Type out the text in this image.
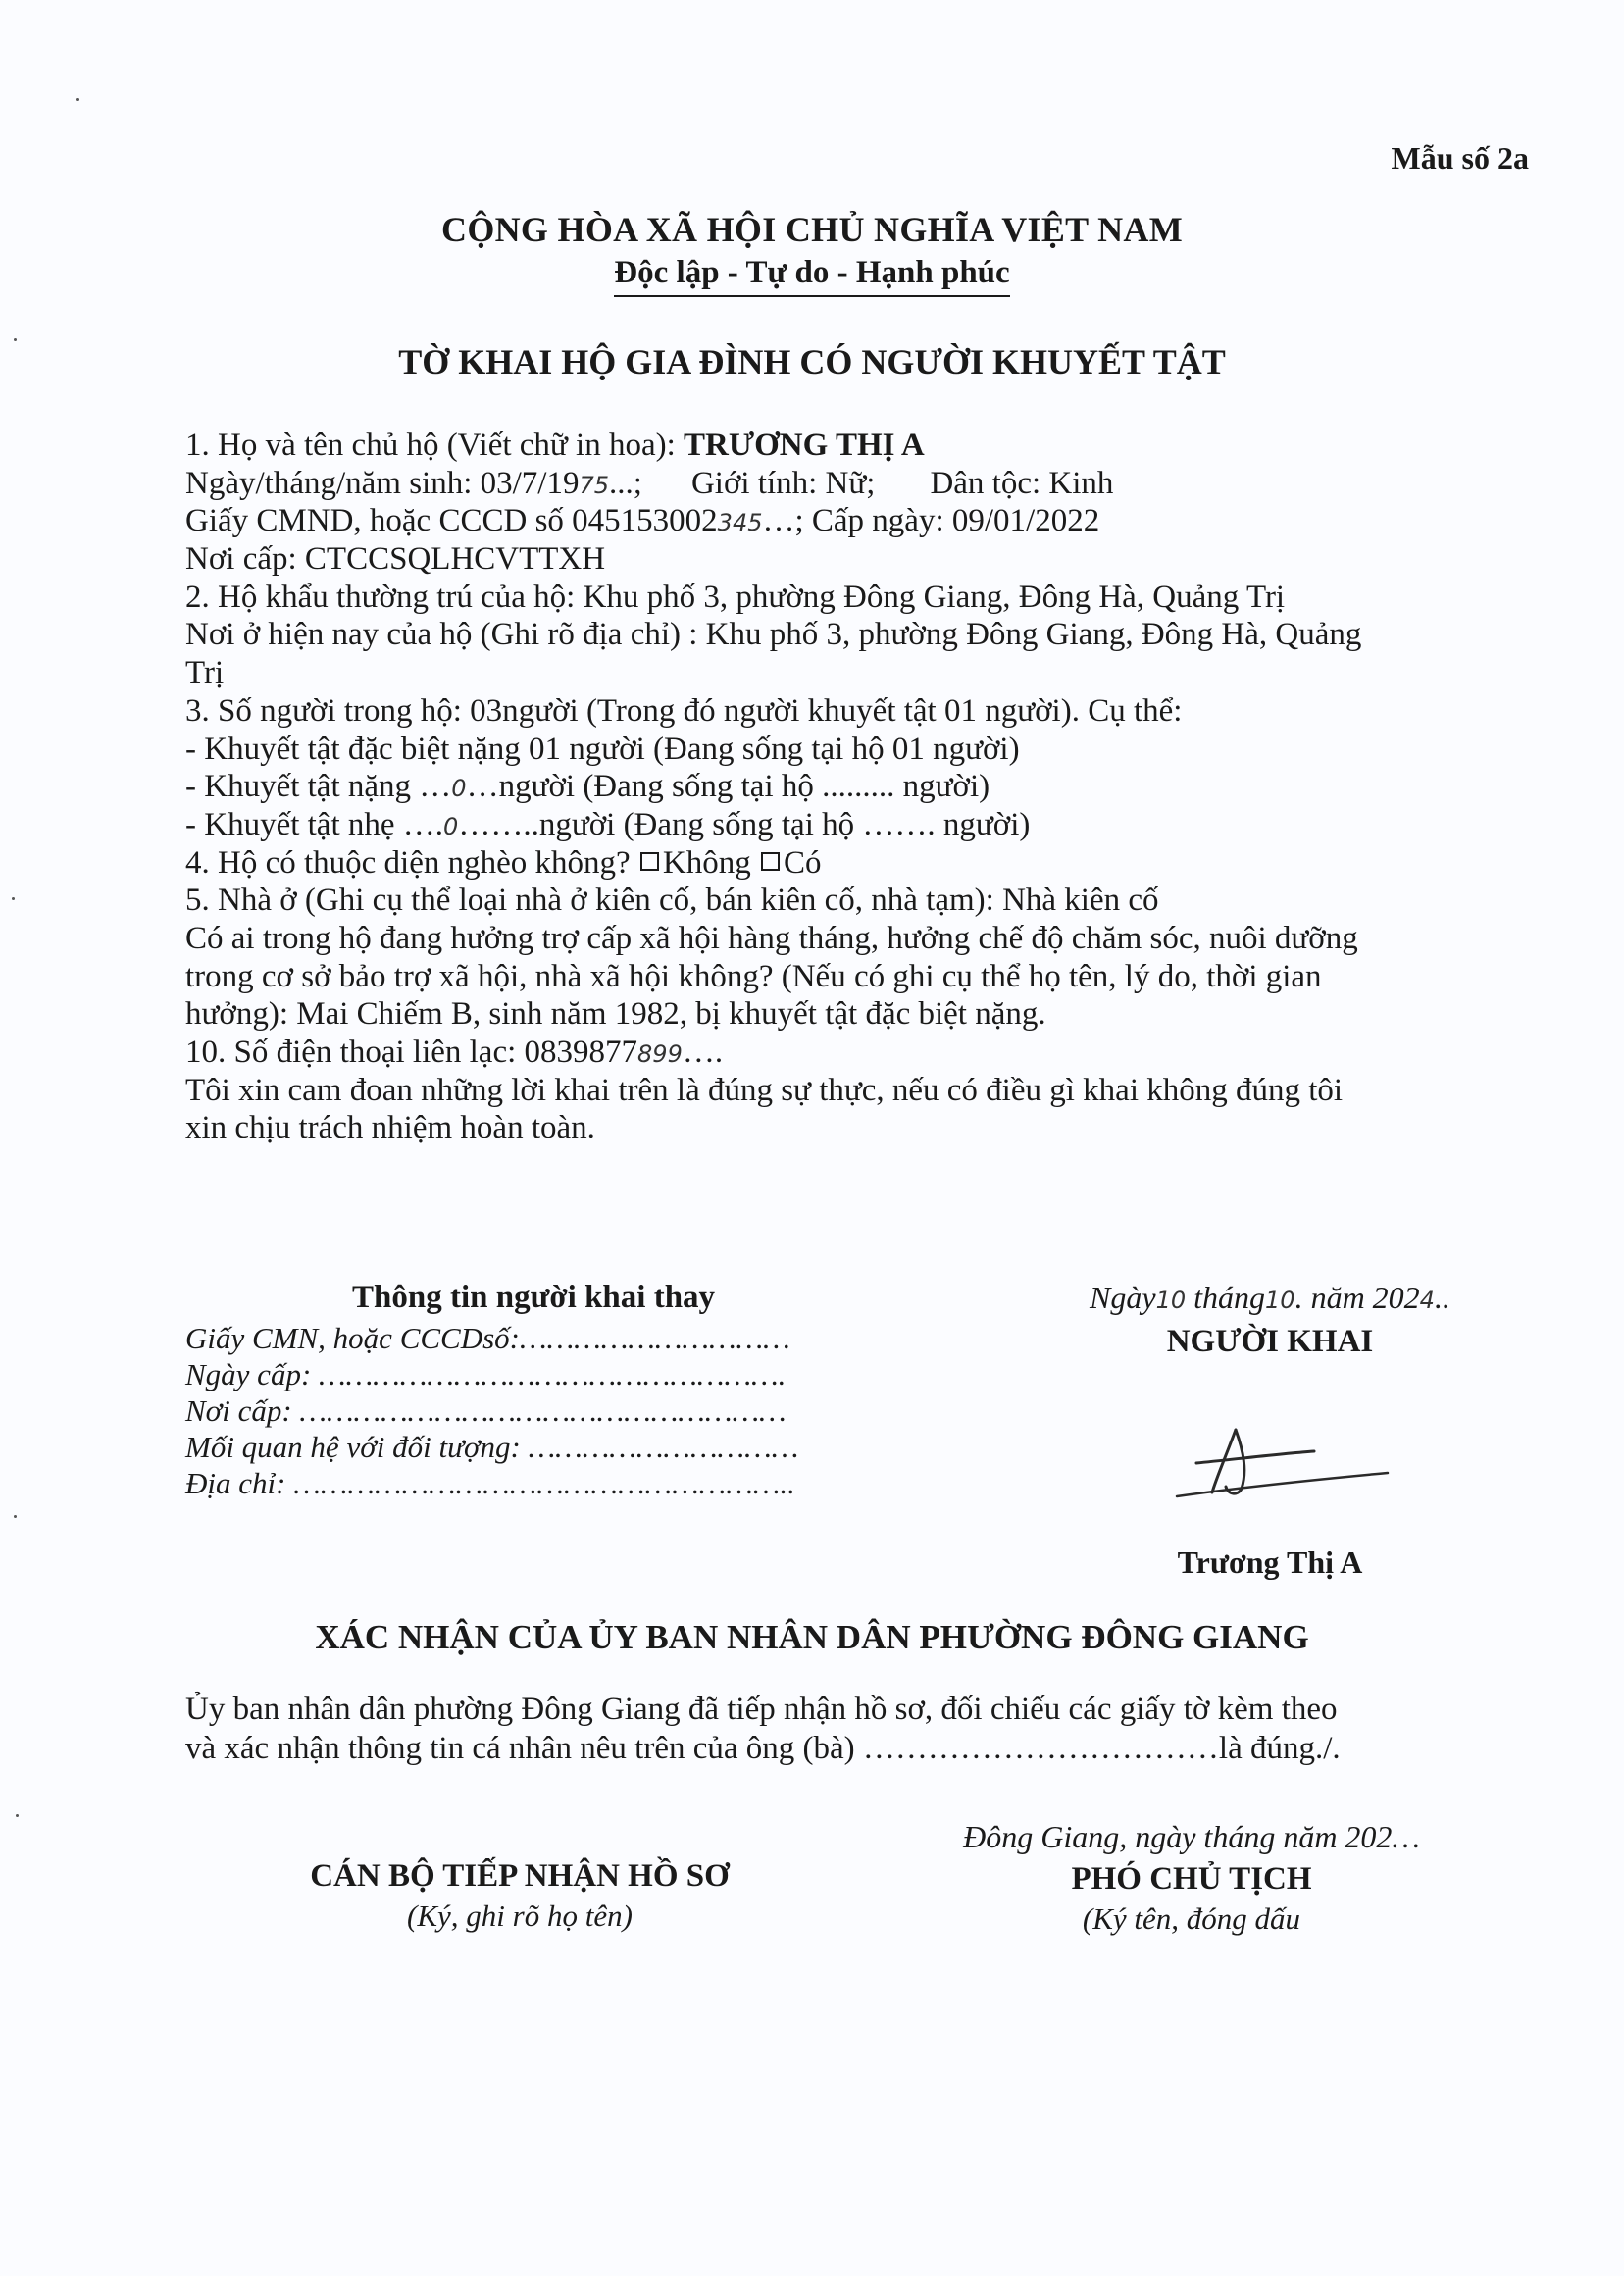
Mẫu số 2a
CỘNG HÒA XÃ HỘI CHỦ NGHĨA VIỆT NAM
Độc lập - Tự do - Hạnh phúc
TỜ KHAI HỘ GIA ĐÌNH CÓ NGƯỜI KHUYẾT TẬT
1. Họ và tên chủ hộ (Viết chữ in hoa): TRƯƠNG THỊ A
Ngày/tháng/năm sinh: 03/7/1975...; Giới tính: Nữ; Dân tộc: Kinh
Giấy CMND, hoặc CCCD số 045153002345…; Cấp ngày: 09/01/2022
Nơi cấp: CTCCSQLHCVTTXH
2. Hộ khẩu thường trú của hộ: Khu phố 3, phường Đông Giang, Đông Hà, Quảng Trị
Nơi ở hiện nay của hộ (Ghi rõ địa chỉ) : Khu phố 3, phường Đông Giang, Đông Hà, Quảng
Trị
3. Số người trong hộ: 03người (Trong đó người khuyết tật 01 người). Cụ thể:
- Khuyết tật đặc biệt nặng 01 người (Đang sống tại hộ 01 người)
- Khuyết tật nặng …0…người (Đang sống tại hộ ......... người)
- Khuyết tật nhẹ ….0……..người (Đang sống tại hộ ……. người)
4. Hộ có thuộc diện nghèo không? Không Có
5. Nhà ở (Ghi cụ thể loại nhà ở kiên cố, bán kiên cố, nhà tạm): Nhà kiên cố
Có ai trong hộ đang hưởng trợ cấp xã hội hàng tháng, hưởng chế độ chăm sóc, nuôi dưỡng
trong cơ sở bảo trợ xã hội, nhà xã hội không? (Nếu có ghi cụ thể họ tên, lý do, thời gian
hưởng): Mai Chiếm B, sinh năm 1982, bị khuyết tật đặc biệt nặng.
10. Số điện thoại liên lạc: 0839877899….
Tôi xin cam đoan những lời khai trên là đúng sự thực, nếu có điều gì khai không đúng tôi
xin chịu trách nhiệm hoàn toàn.
Thông tin người khai thay
Giấy CMN, hoặc CCCDsố:…………………………
Ngày cấp: …………………………………………….
Nơi cấp: ………………………………………………
Mối quan hệ với đối tượng: …………………………
Địa chỉ: ………………………………………………..
Ngày10 tháng10. năm 2024..
NGƯỜI KHAI
Trương Thị A
XÁC NHẬN CỦA ỦY BAN NHÂN DÂN PHƯỜNG ĐÔNG GIANG
Ủy ban nhân dân phường Đông Giang đã tiếp nhận hồ sơ, đối chiếu các giấy tờ kèm theo
và xác nhận thông tin cá nhân nêu trên của ông (bà) ……………………………là đúng./.
Đông Giang, ngày tháng năm 202…
PHÓ CHỦ TỊCH
(Ký tên, đóng dấu
CÁN BỘ TIẾP NHẬN HỒ SƠ
(Ký, ghi rõ họ tên)
